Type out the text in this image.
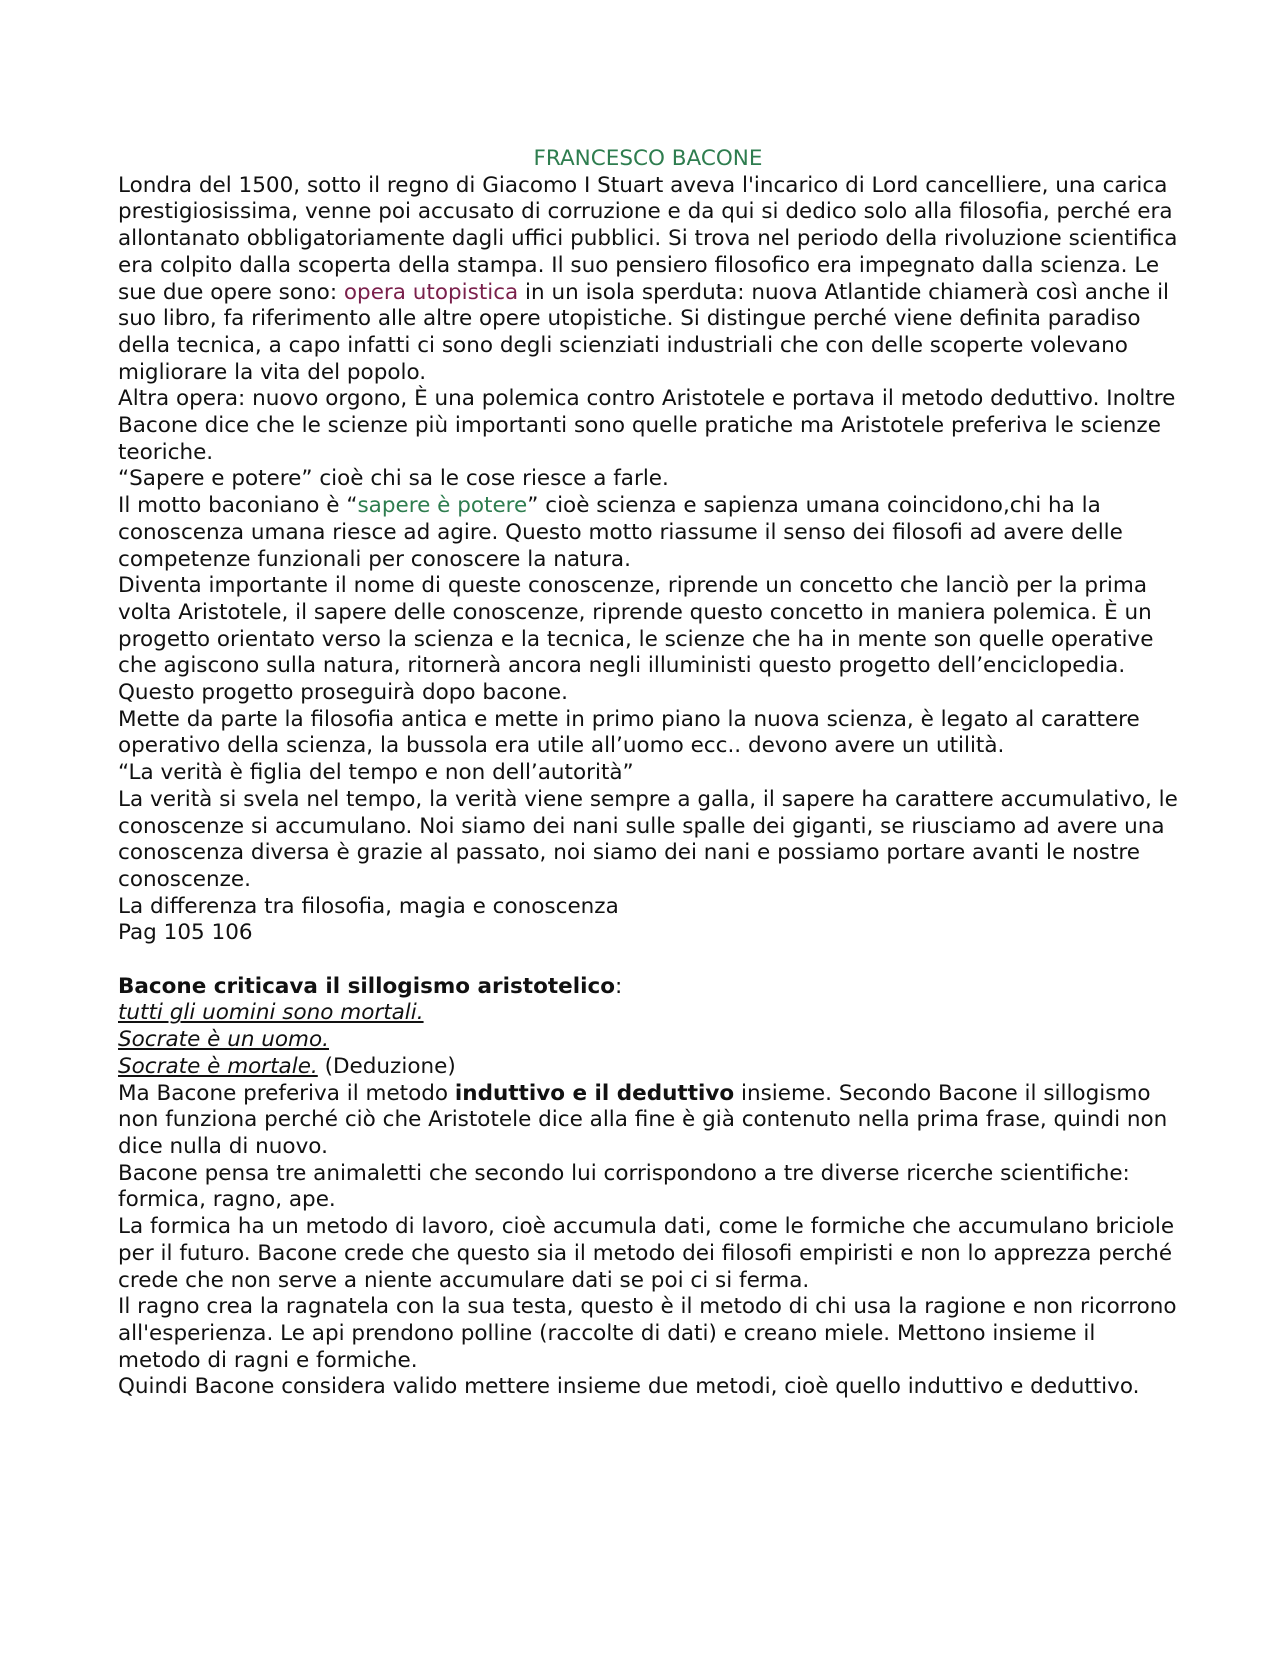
FRANCESCO BACONE

Londra del 1500, sotto il regno di Giacomo I Stuart aveva l'incarico di Lord cancelliere, una carica prestigiosissima, venne poi accusato di corruzione e da qui si dedico solo alla filosofia, perché era allontanato obbligatoriamente dagli uffici pubblici. Si trova nel periodo della rivoluzione scientifica era colpito dalla scoperta della stampa. Il suo pensiero filosofico era impegnato dalla scienza. Le sue due opere sono: opera utopistica in un isola sperduta: nuova Atlantide chiamerà così anche il suo libro, fa riferimento alle altre opere utopistiche. Si distingue perché viene definita paradiso della tecnica, a capo infatti ci sono degli scienziati industriali che con delle scoperte volevano migliorare la vita del popolo.

Altra opera: nuovo orgono, È una polemica contro Aristotele e portava il metodo deduttivo. Inoltre Bacone dice che le scienze più importanti sono quelle pratiche ma Aristotele preferiva le scienze teoriche.

“Sapere e potere” cioè chi sa le cose riesce a farle.

Il motto baconiano è “sapere è potere” cioè scienza e sapienza umana coincidono,chi ha la conoscenza umana riesce ad agire. Questo motto riassume il senso dei filosofi ad avere delle competenze funzionali per conoscere la natura.

Diventa importante il nome di queste conoscenze, riprende un concetto che lanciò per la prima volta Aristotele, il sapere delle conoscenze, riprende questo concetto in maniera polemica. È un progetto orientato verso la scienza e la tecnica, le scienze che ha in mente son quelle operative che agiscono sulla natura, ritornerà ancora negli illuministi questo progetto dell’enciclopedia. Questo progetto proseguirà dopo bacone.

Mette da parte la filosofia antica e mette in primo piano la nuova scienza, è legato al carattere operativo della scienza, la bussola era utile all’uomo ecc.. devono avere un utilità.

“La verità è figlia del tempo e non dell’autorità”

La verità si svela nel tempo, la verità viene sempre a galla, il sapere ha carattere accumulativo, le conoscenze si accumulano. Noi siamo dei nani sulle spalle dei giganti, se riusciamo ad avere una conoscenza diversa è grazie al passato, noi siamo dei nani e possiamo portare avanti le nostre conoscenze.

La differenza tra filosofia, magia e conoscenza

Pag 105 106

Bacone criticava il sillogismo aristotelico:

tutti gli uomini sono mortali.

Socrate è un uomo.

Socrate è mortale. (Deduzione)

Ma Bacone preferiva il metodo induttivo e il deduttivo insieme. Secondo Bacone il sillogismo non funziona perché ciò che Aristotele dice alla fine è già contenuto nella prima frase, quindi non dice nulla di nuovo.

Bacone pensa tre animaletti che secondo lui corrispondono a tre diverse ricerche scientifiche: formica, ragno, ape.

La formica ha un metodo di lavoro, cioè accumula dati, come le formiche che accumulano briciole per il futuro. Bacone crede che questo sia il metodo dei filosofi empiristi e non lo apprezza perché crede che non serve a niente accumulare dati se poi ci si ferma.

Il ragno crea la ragnatela con la sua testa, questo è il metodo di chi usa la ragione e non ricorrono all'esperienza. Le api prendono polline (raccolte di dati) e creano miele. Mettono insieme il metodo di ragni e formiche.

Quindi Bacone considera valido mettere insieme due metodi, cioè quello induttivo e deduttivo.
